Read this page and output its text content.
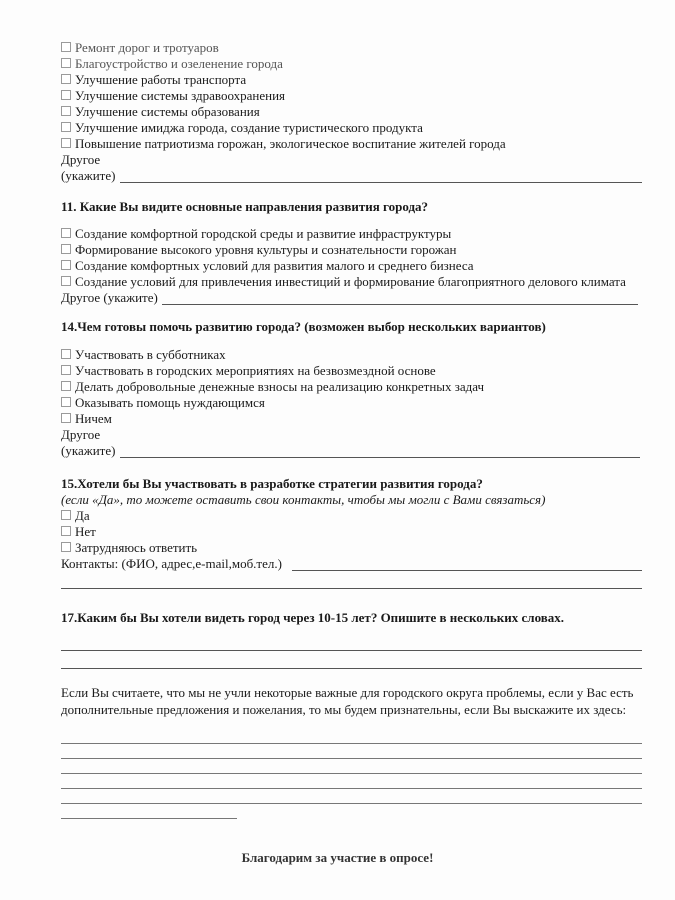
Ремонт дорог и тротуаров
Благоустройство и озеленение города
Улучшение работы транспорта
Улучшение системы здравоохранения
Улучшение системы образования
Улучшение имиджа города, создание туристического продукта
Повышение патриотизма горожан, экологическое воспитание жителей города
Другое
(укажите)
11. Какие Вы видите основные направления развития города?
Создание комфортной городской среды и развитие инфраструктуры
Формирование высокого уровня культуры и сознательности горожан
Создание комфортных условий для развития малого и среднего бизнеса
Создание условий для привлечения инвестиций и формирование благоприятного делового климата
Другое (укажите)
14.Чем готовы помочь развитию города? (возможен выбор нескольких вариантов)
Участвовать в субботниках
Участвовать в городских мероприятиях на безвозмездной основе
Делать добровольные денежные взносы на реализацию конкретных задач
Оказывать помощь нуждающимся
Ничем
Другое
(укажите)
15.Хотели бы Вы участвовать в разработке стратегии развития города?
(если «Да», то можете оставить свои контакты, чтобы мы могли с Вами связаться)
Да
Нет
Затрудняюсь ответить
Контакты: (ФИО, адрес,e-mail,моб.тел.)
17.Каким бы Вы хотели видеть город через 10-15 лет? Опишите в нескольких словах.
Если Вы считаете, что мы не учли некоторые важные для городского округа проблемы, если у Вас есть дополнительные предложения и пожелания, то мы будем признательны, если Вы выскажите их здесь:
Благодарим за участие в опросе!
